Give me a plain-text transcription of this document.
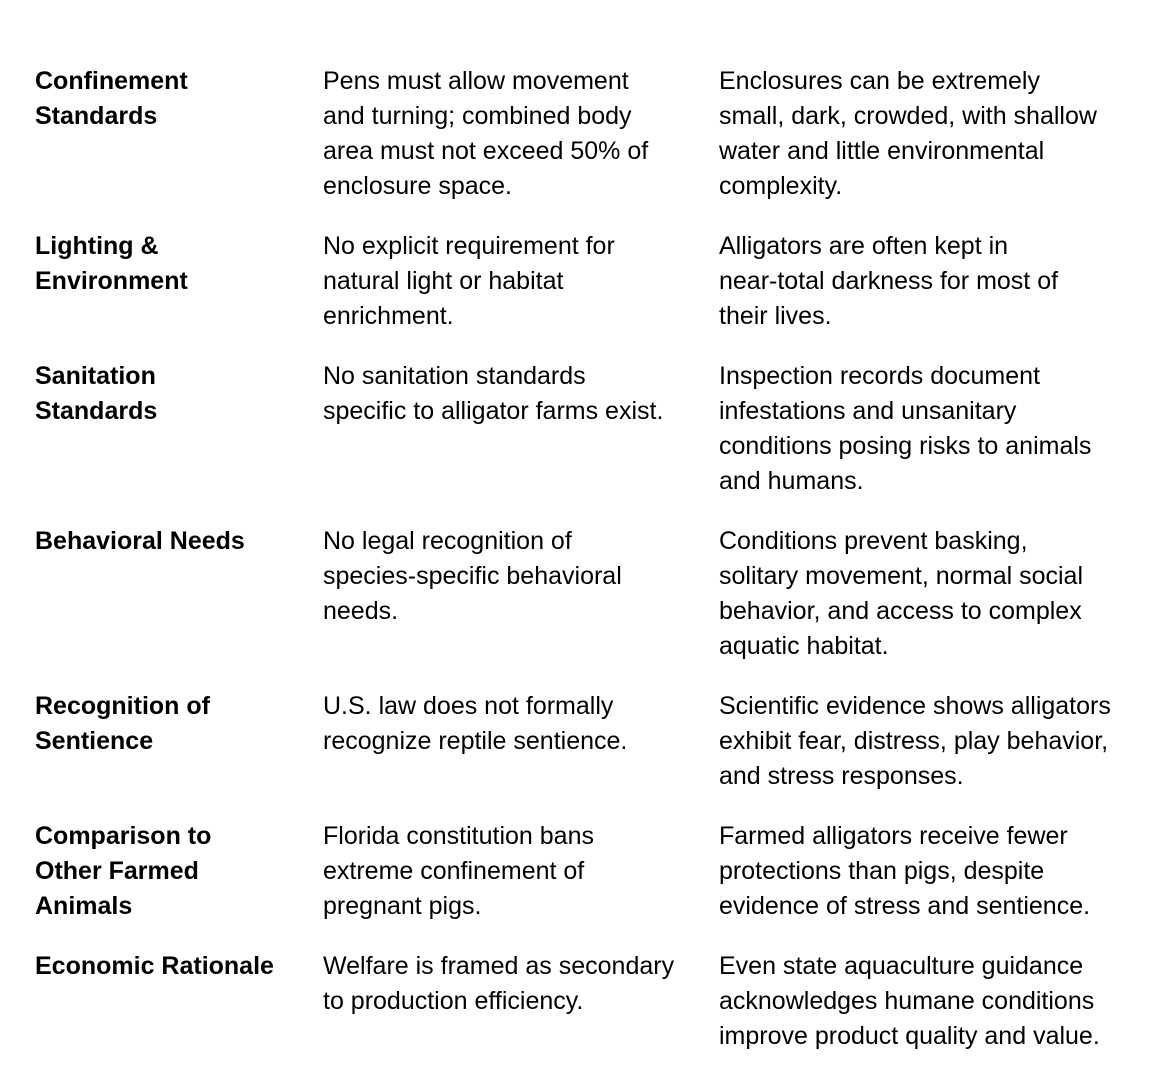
Confinement
Standards
Pens must allow movement
and turning; combined body
area must not exceed 50% of
enclosure space.
Enclosures can be extremely
small, dark, crowded, with shallow
water and little environmental
complexity.
Lighting &
Environment
No explicit requirement for
natural light or habitat
enrichment.
Alligators are often kept in
near-total darkness for most of
their lives.
Sanitation
Standards
No sanitation standards
specific to alligator farms exist.
Inspection records document
infestations and unsanitary
conditions posing risks to animals
and humans.
Behavioral Needs	No legal recognition of
species-specific behavioral
needs.
Conditions prevent basking,
solitary movement, normal social
behavior, and access to complex
aquatic habitat.
Recognition of
Sentience
U.S. law does not formally
recognize reptile sentience.
Scientific evidence shows alligators
exhibit fear, distress, play behavior,
and stress responses.
Comparison to
Other Farmed
Animals
Florida constitution bans
extreme confinement of
pregnant pigs.
Farmed alligators receive fewer
protections than pigs, despite
evidence of stress and sentience.
Economic Rationale	Welfare is framed as secondary
to production efficiency.
Even state aquaculture guidance
acknowledges humane conditions
improve product quality and value.
